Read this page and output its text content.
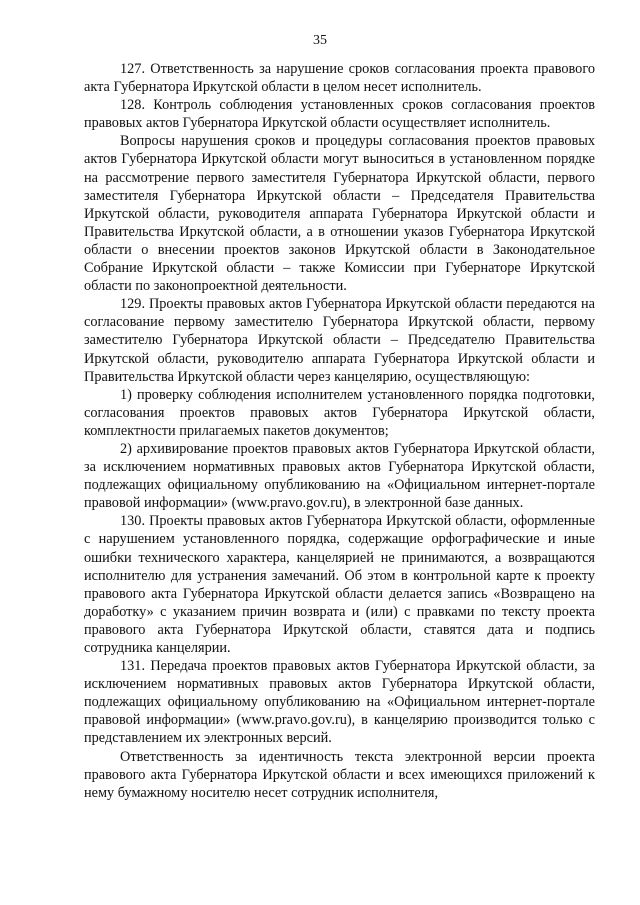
35

127. Ответственность за нарушение сроков согласования проекта правового акта Губернатора Иркутской области в целом несет исполнитель.

128. Контроль соблюдения установленных сроков согласования проектов правовых актов Губернатора Иркутской области осуществляет исполнитель.

Вопросы нарушения сроков и процедуры согласования проектов правовых актов Губернатора Иркутской области могут выноситься в установленном порядке на рассмотрение первого заместителя Губернатора Иркутской области, первого заместителя Губернатора Иркутской области – Председателя Правительства Иркутской области, руководителя аппарата Губернатора Иркутской области и Правительства Иркутской области, а в отношении указов Губернатора Иркутской области о внесении проектов законов Иркутской области в Законодательное Собрание Иркутской области – также Комиссии при Губернаторе Иркутской области по законопроектной деятельности.

129. Проекты правовых актов Губернатора Иркутской области передаются на согласование первому заместителю Губернатора Иркутской области, первому заместителю Губернатора Иркутской области – Председателю Правительства Иркутской области, руководителю аппарата Губернатора Иркутской области и Правительства Иркутской области через канцелярию, осуществляющую:

1) проверку соблюдения исполнителем установленного порядка подготовки, согласования проектов правовых актов Губернатора Иркутской области, комплектности прилагаемых пакетов документов;

2) архивирование проектов правовых актов Губернатора Иркутской области, за исключением нормативных правовых актов Губернатора Иркутской области, подлежащих официальному опубликованию на «Официальном интернет-портале правовой информации» (www.pravo.gov.ru), в электронной базе данных.

130. Проекты правовых актов Губернатора Иркутской области, оформленные с нарушением установленного порядка, содержащие орфографические и иные ошибки технического характера, канцелярией не принимаются, а возвращаются исполнителю для устранения замечаний. Об этом в контрольной карте к проекту правового акта Губернатора Иркутской области делается запись «Возвращено на доработку» с указанием причин возврата и (или) с правками по тексту проекта правового акта Губернатора Иркутской области, ставятся дата и подпись сотрудника канцелярии.

131. Передача проектов правовых актов Губернатора Иркутской области, за исключением нормативных правовых актов Губернатора Иркутской области, подлежащих официальному опубликованию на «Официальном интернет-портале правовой информации» (www.pravo.gov.ru), в канцелярию производится только с представлением их электронных версий.

Ответственность за идентичность текста электронной версии проекта правового акта Губернатора Иркутской области и всех имеющихся приложений к нему бумажному носителю несет сотрудник исполнителя,
